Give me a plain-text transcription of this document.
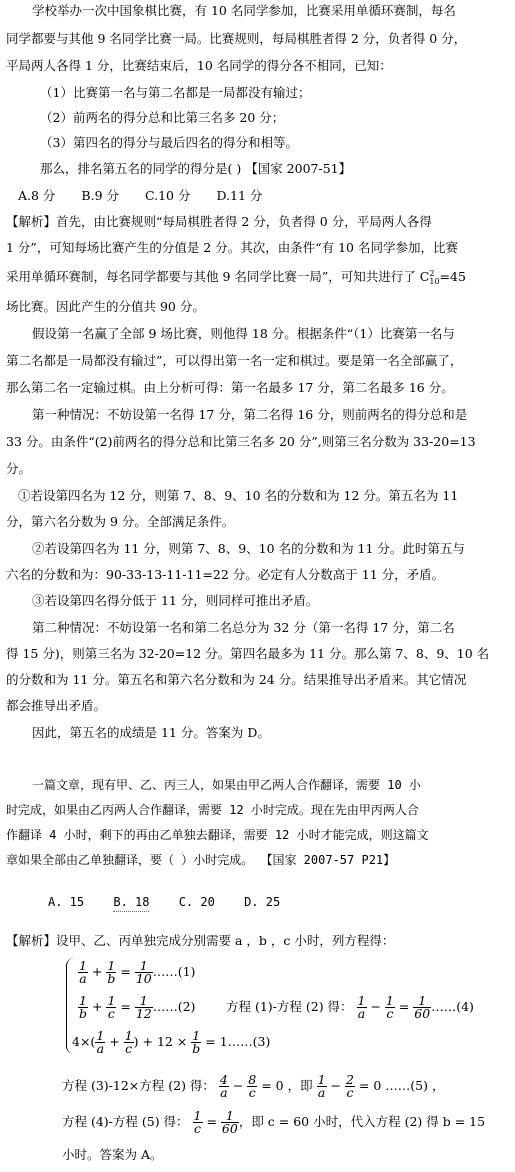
学校举办一次中国象棋比赛，有 10 名同学参加，比赛采用单循环赛制，每名
同学都要与其他 9 名同学比赛一局。比赛规则，每局棋胜者得 2 分，负者得 0 分，
平局两人各得 1 分，比赛结束后，10 名同学的得分各不相同，已知：
（1）比赛第一名与第二名都是一局都没有输过；
（2）前两名的得分总和比第三名多 20 分；
（3）第四名的得分与最后四名的得分和相等。
那么，排名第五名的同学的得分是( ) 【国家 2007-51】
A.8 分 B.9 分 C.10 分 D.11 分
【解析】首先，由比赛规则“每局棋胜者得 2 分，负者得 0 分，平局两人各得
1 分”，可知每场比赛产生的分值是 2 分。其次，由条件“有 10 名同学参加，比赛
采用单循环赛制，每名同学都要与其他 9 名同学比赛一局”，可知共进行了 C 2
10 =45
场比赛。因此产生的分值共 90 分。
假设第一名赢了全部 9 场比赛，则他得 18 分。根据条件“（1）比赛第一名与
第二名都是一局都没有输过”，可以得出第一名一定和棋过。要是第一名全部赢了，
那么第二名一定输过棋。由上分析可得：第一名最多 17 分，第二名最多 16 分。
第一种情况：不妨设第一名得 17 分，第二名得 16 分，则前两名的得分总和是
33 分。由条件“(2)前两名的得分总和比第三名多 20 分”,则第三名分数为 33-20=13
分。
①若设第四名为 12 分，则第 7、8、9、10 名的分数和为 12 分。第五名为 11
分，第六名分数为 9 分。全部满足条件。
②若设第四名为 11 分，则第 7、8、9、10 名的分数和为 11 分。此时第五与
六名的分数和为：90-33-13-11-11=22 分。必定有人分数高于 11 分，矛盾。
③若设第四名得分低于 11 分，则同样可推出矛盾。
第二种情况：不妨设第一名和第二名总分为 32 分（第一名得 17 分，第二名
得 15 分)，则第三名为 32-20=12 分。第四名最多为 11 分。那么第 7、8、9、10 名
的分数和为 11 分。第五名和第六名分数和为 24 分。结果推导出矛盾来。其它情况
都会推导出矛盾。
因此，第五名的成绩是 11 分。答案为 D。
一篇文章，现有甲、乙、丙三人，如果由甲乙两人合作翻译，需要 10 小
时完成，如果由乙丙两人合作翻译，需要 12 小时完成。现在先由甲丙两人合
作翻译 4 小时，剩下的再由乙单独去翻译，需要 12 小时才能完成，则这篇文
章如果全部由乙单独翻译，要（ ）小时完成。 【国家 2007-57 P21】
A. 15 B. 18 C. 20 D. 25
【解析】设甲、乙、丙单独完成分别需要 a ，b ，c 小时，列方程得：
$\frac{1}{a} + \frac{1}{b} = \frac{1}{10}$ ……(1)
$\frac{1}{b} + \frac{1}{c} = \frac{1}{12}$ ……(2) 方程 (1)-方程 (2) 得： $\frac{1}{a} - \frac{1}{c} = \frac{1}{60}$ ……(4)
$4\times( \frac{1}{a} + \frac{1}{c}$ ) + $12 \times \frac{1}{b}$ = 1……(3)
方程 (3)-12×方程 (2) 得： $\frac{4}{a} - \frac{8}{c} = 0$ ，即 $\frac{1}{a} - \frac{2}{c} = 0$ ……(5) ，
方程 (4)-方程 (5) 得： $\frac{1}{c} = \frac{1}{60}$ ，即 c = 60 小时，代入方程 (2) 得 b = 15
小时。答案为 A。
